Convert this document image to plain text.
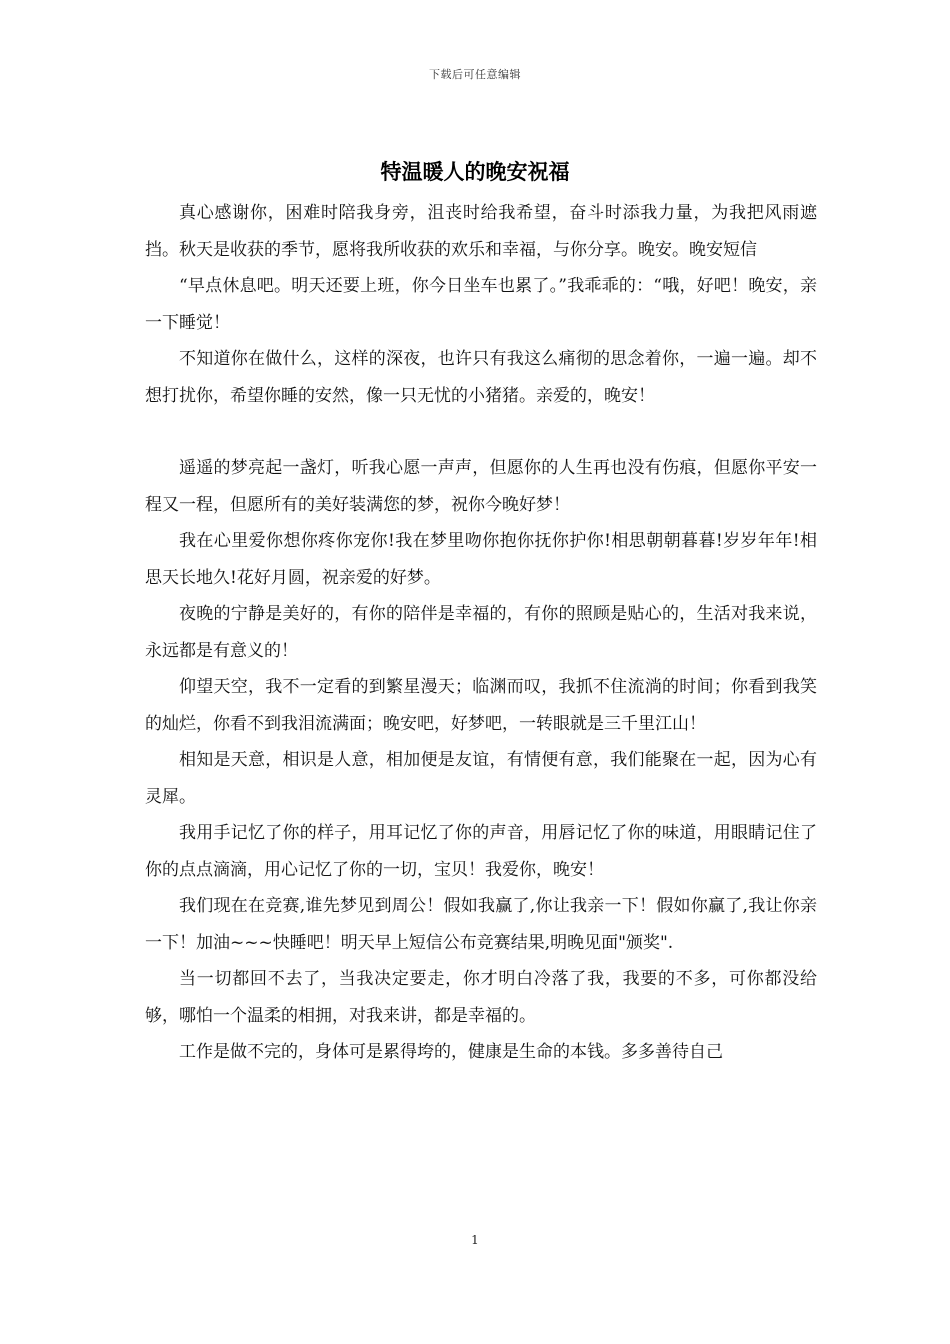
下载后可任意编辑
特温暖人的晚安祝福

真心感谢你，困难时陪我身旁，沮丧时给我希望，奋斗时添我力量，为我把风雨遮挡。秋天是收获的季节，愿将我所收获的欢乐和幸福，与你分享。晚安。晚安短信

“早点休息吧。明天还要上班，你今日坐车也累了。”我乖乖的：“哦，好吧！晚安，亲一下睡觉！

不知道你在做什么，这样的深夜，也许只有我这么痛彻的思念着你，一遍一遍。却不想打扰你，希望你睡的安然，像一只无忧的小猪猪。亲爱的，晚安！

遥遥的梦亮起一盏灯，听我心愿一声声，但愿你的人生再也没有伤痕，但愿你平安一程又一程，但愿所有的美好装满您的梦，祝你今晚好梦！

我在心里爱你想你疼你宠你!我在梦里吻你抱你抚你护你!相思朝朝暮暮!岁岁年年!相思天长地久!花好月圆，祝亲爱的好梦。

夜晚的宁静是美好的，有你的陪伴是幸福的，有你的照顾是贴心的，生活对我来说，永远都是有意义的！

仰望天空，我不一定看的到繁星漫天；临渊而叹，我抓不住流淌的时间；你看到我笑的灿烂，你看不到我泪流满面；晚安吧，好梦吧，一转眼就是三千里江山！

相知是天意，相识是人意，相加便是友谊，有情便有意，我们能聚在一起，因为心有灵犀。

我用手记忆了你的样子，用耳记忆了你的声音，用唇记忆了你的味道，用眼睛记住了你的点点滴滴，用心记忆了你的一切，宝贝！我爱你，晚安！

我们现在在竞赛,谁先梦见到周公！假如我赢了,你让我亲一下！假如你赢了,我让你亲一下！加油~~~快睡吧！明天早上短信公布竞赛结果,明晚见面"颁奖".

当一切都回不去了，当我决定要走，你才明白冷落了我，我要的不多，可你都没给够，哪怕一个温柔的相拥，对我来讲，都是幸福的。

工作是做不完的，身体可是累得垮的，健康是生命的本钱。多多善待自己

1
